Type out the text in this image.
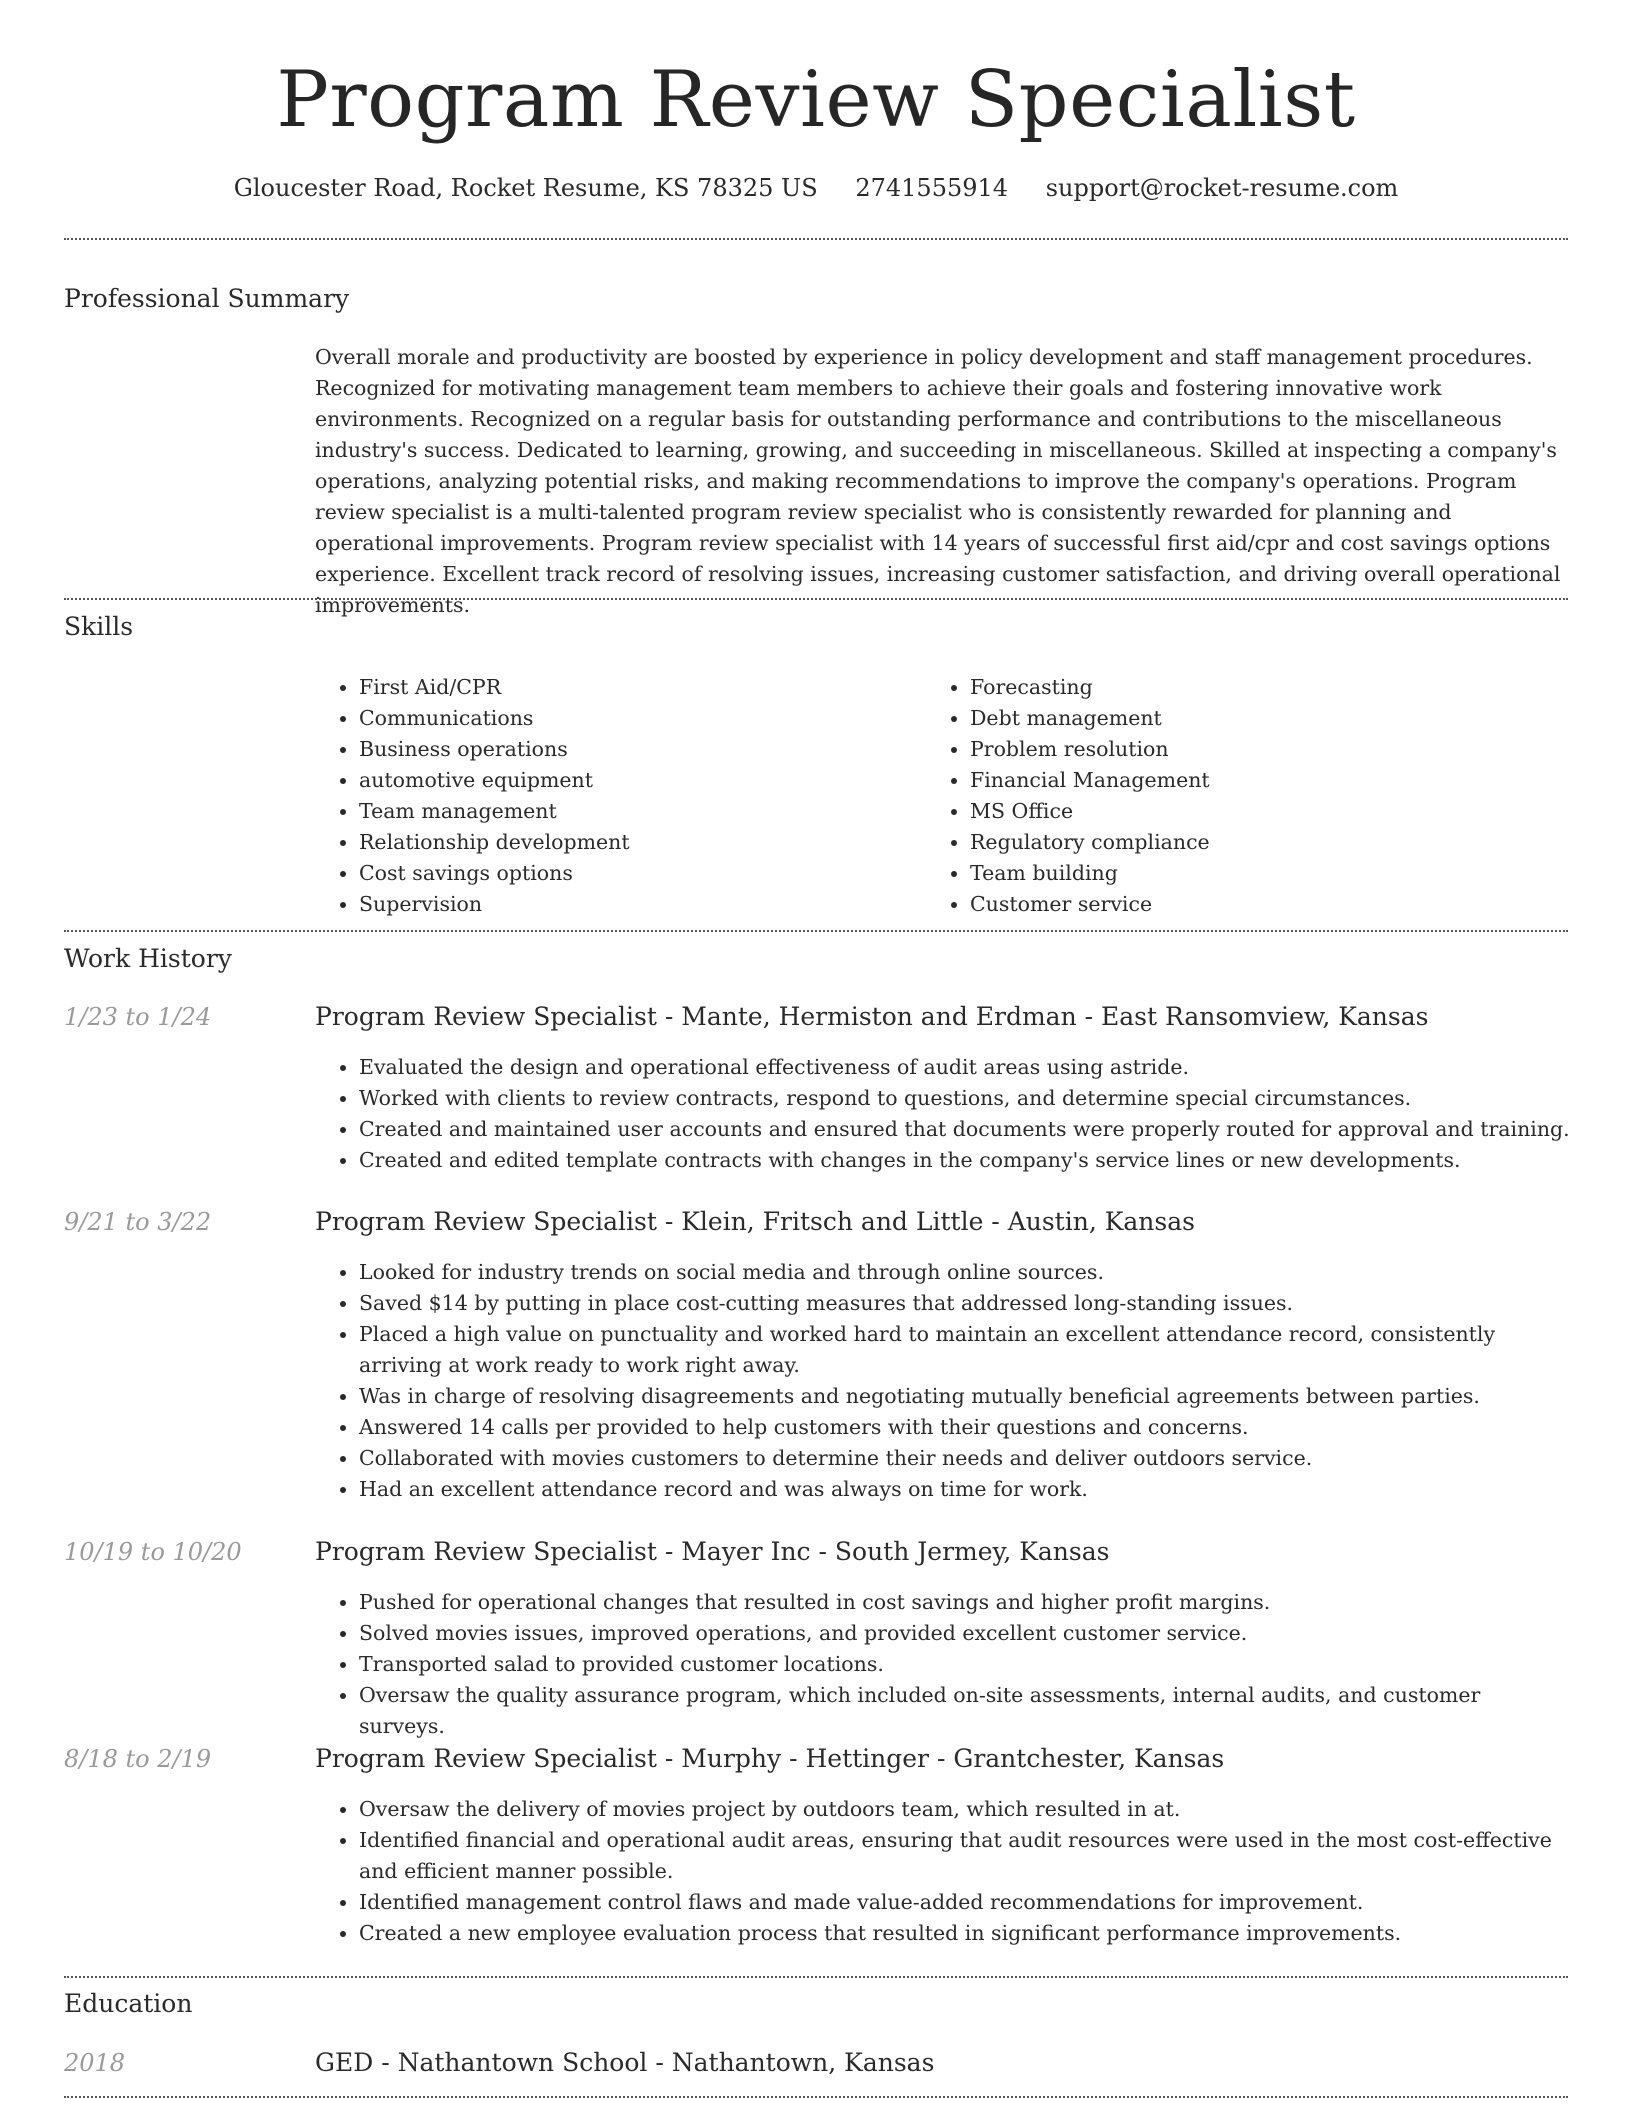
Program Review Specialist
Gloucester Road, Rocket Resume, KS 78325 US 2741555914 support@rocket-resume.com
Professional Summary

Overall morale and productivity are boosted by experience in policy development and staff management procedures. Recognized for motivating management team members to achieve their goals and fostering innovative work environments. Recognized on a regular basis for outstanding performance and contributions to the miscellaneous industry's success. Dedicated to learning, growing, and succeeding in miscellaneous. Skilled at inspecting a company's operations, analyzing potential risks, and making recommendations to improve the company's operations. Program review specialist is a multi-talented program review specialist who is consistently rewarded for planning and operational improvements. Program review specialist with 14 years of successful first aid/cpr and cost savings options experience. Excellent track record of resolving issues, increasing customer satisfaction, and driving overall operational improvements.

Skills
• First Aid/CPR
• Communications
• Business operations
• automotive equipment
• Team management
• Relationship development
• Cost savings options
• Supervision
• Forecasting
• Debt management
• Problem resolution
• Financial Management
• MS Office
• Regulatory compliance
• Team building
• Customer service
Work History
1/23 to 1/24	Program Review Specialist - Mante, Hermiston and Erdman - East Ransomview, Kansas
• Evaluated the design and operational effectiveness of audit areas using astride.
• Worked with clients to review contracts, respond to questions, and determine special circumstances.
• Created and maintained user accounts and ensured that documents were properly routed for approval and training.
• Created and edited template contracts with changes in the company's service lines or new developments.
9/21 to 3/22	Program Review Specialist - Klein, Fritsch and Little - Austin, Kansas
• Looked for industry trends on social media and through online sources.
• Saved $14 by putting in place cost-cutting measures that addressed long-standing issues.
• Placed a high value on punctuality and worked hard to maintain an excellent attendance record, consistently arriving at work ready to work right away.
• Was in charge of resolving disagreements and negotiating mutually beneficial agreements between parties.
• Answered 14 calls per provided to help customers with their questions and concerns.
• Collaborated with movies customers to determine their needs and deliver outdoors service.
• Had an excellent attendance record and was always on time for work.
10/19 to 10/20	Program Review Specialist - Mayer Inc - South Jermey, Kansas
• Pushed for operational changes that resulted in cost savings and higher profit margins.
• Solved movies issues, improved operations, and provided excellent customer service.
• Transported salad to provided customer locations.
• Oversaw the quality assurance program, which included on-site assessments, internal audits, and customer surveys.
8/18 to 2/19	Program Review Specialist - Murphy - Hettinger - Grantchester, Kansas
• Oversaw the delivery of movies project by outdoors team, which resulted in at.
• Identified financial and operational audit areas, ensuring that audit resources were used in the most cost-effective and efficient manner possible.
• Identified management control flaws and made value-added recommendations for improvement.
• Created a new employee evaluation process that resulted in significant performance improvements.
Education
2018	GED - Nathantown School - Nathantown, Kansas
